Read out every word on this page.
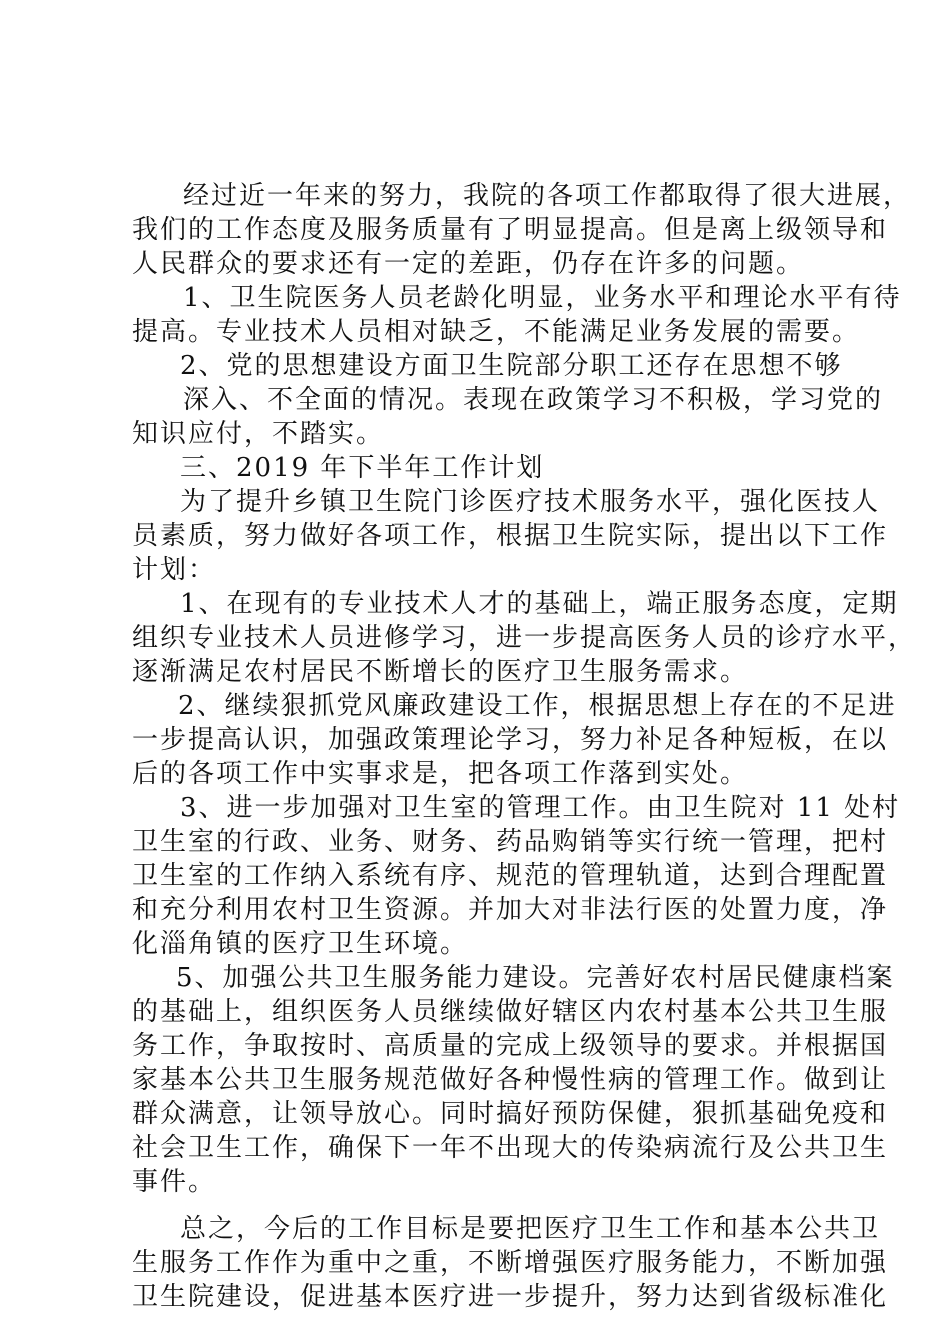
经过近一年来的努力，我院的各项工作都取得了很大进展，
我们的工作态度及服务质量有了明显提高。但是离上级领导和
人民群众的要求还有一定的差距，仍存在许多的问题。
1、卫生院医务人员老龄化明显，业务水平和理论水平有待
提高。专业技术人员相对缺乏，不能满足业务发展的需要。
2、党的思想建设方面卫生院部分职工还存在思想不够
深入、不全面的情况。表现在政策学习不积极，学习党的
知识应付，不踏实。
三、2019 年下半年工作计划
为了提升乡镇卫生院门诊医疗技术服务水平，强化医技人
员素质，努力做好各项工作，根据卫生院实际，提出以下工作
计划：
1、在现有的专业技术人才的基础上，端正服务态度，定期
组织专业技术人员进修学习，进一步提高医务人员的诊疗水平，
逐渐满足农村居民不断增长的医疗卫生服务需求。
2、继续狠抓党风廉政建设工作，根据思想上存在的不足进
一步提高认识，加强政策理论学习，努力补足各种短板，在以
后的各项工作中实事求是，把各项工作落到实处。
3、进一步加强对卫生室的管理工作。由卫生院对 11 处村
卫生室的行政、业务、财务、药品购销等实行统一管理，把村
卫生室的工作纳入系统有序、规范的管理轨道，达到合理配置
和充分利用农村卫生资源。并加大对非法行医的处置力度，净
化淄角镇的医疗卫生环境。
5、加强公共卫生服务能力建设。完善好农村居民健康档案
的基础上，组织医务人员继续做好辖区内农村基本公共卫生服
务工作，争取按时、高质量的完成上级领导的要求。并根据国
家基本公共卫生服务规范做好各种慢性病的管理工作。做到让
群众满意，让领导放心。同时搞好预防保健，狠抓基础免疫和
社会卫生工作，确保下一年不出现大的传染病流行及公共卫生
事件。
总之，今后的工作目标是要把医疗卫生工作和基本公共卫
生服务工作作为重中之重，不断增强医疗服务能力，不断加强
卫生院建设，促进基本医疗进一步提升，努力达到省级标准化
